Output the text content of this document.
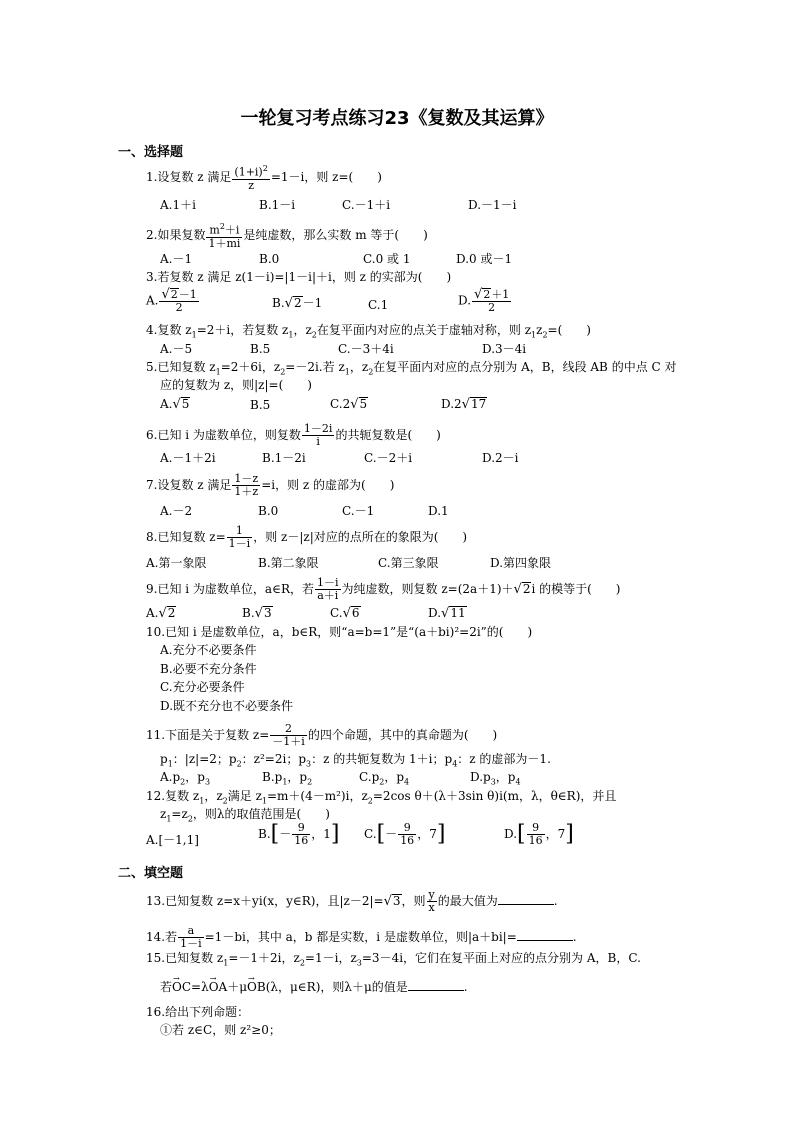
一轮复习考点练习23《复数及其运算》
一、选择题
1.设复数 z 满足 $\frac{(1+i)^2}{z} =1-i$，则 z=(　　)
A.1＋i	B.1－i	C.－1＋i	D.－1－i
2.如果复数 $\frac{m^2+i}{1+mi}$ 是纯虚数，那么实数 m 等于(　　)
A.－1	B.0	C.0 或 1	D.0 或－1
3.若复数 z 满足 z(1－i)=|1－i|＋i，则 z 的实部为(　　)
A. $\frac{√2-1}{2}$	B.√2－1	C.1	D. $\frac{√2+1}{2}$
4.复数 $z_1=2+i$，若复数 $z_1$，$z_2$在复平面内对应的点关于虚轴对称，则 $z_1z_2=$(　　)
A.－5	B.5	C.－3＋4i	D.3－4i
5.已知复数 $z_1=2+6i$，$z_2=-2i$.若 $z_1$，$z_2$在复平面内对应的点分别为 A，B，线段 AB 的中点 C 对
应的复数为 z，则|z|=(　　)
A.√5	B.5	C.2√5	D.2√17
6.已知 i 为虚数单位，则复数 $\frac{1-2i}{i}$ 的共轭复数是(　　)
A.－1＋2i	B.1－2i	C.－2＋i	D.2－i
7.设复数 z 满足 $\frac{1-z}{1+z} =i$，则 z 的虚部为(　　)
A.－2	B.0	C.－1	D.1
8.已知复数 $z= \frac{1}{1-i}$ ，则 z－|z|对应的点所在的象限为(　　)
A.第一象限	B.第二象限	C.第三象限	D.第四象限
9.已知 i 为虚数单位，a∈R，若 $\frac{1-i}{a+i}$ 为纯虚数，则复数 z=(2a＋1)＋√2i 的模等于(　　)
A.√2	B.√3	C.√6	D.√11
10.已知 i 是虚数单位，a，b∈R，则“a=b=1”是“(a＋bi)²=2i”的(　　)
A.充分不必要条件
B.必要不充分条件
C.充分必要条件
D.既不充分也不必要条件
11.下面是关于复数 $z= \frac{2}{-1+i}$ 的四个命题，其中的真命题为(　　)
$p_1$：|z|=2；$p_2$：z²=2i；$p_3$：z 的共轭复数为 1＋i；$p_4$：z 的虚部为－1.
$A.p_2$，$p_3$	$B.p_1$，$p_2$	$C.p_2$，$p_4$	$D.p_3$，$p_4$
12.复数 $z_1$，$z_2$满足 $z_1=m+(4-m^2)i$，$z_2=2\cos$ θ＋(λ＋3sin θ)i(m，λ，θ∈R)，并且
$z_1=z_2$，则λ的取值范围是(　　)
A.[－1,1]	$B.[- \frac{9}{16}$ ，1] $C.[- \frac{9}{16}$ ，7]	$D.[ \frac{9}{16}$ ，7]
二、填空题
13.已知复数 z=x＋yi(x，y∈R)，且|z－2|=√3，则 $\frac{y}{x}$ 的最大值为	.
14.若 $\frac{a}{1-i} =1-bi$，其中 a，b 都是实数，i 是虚数单位，则|a＋bi|=	.
15.已知复数 $z_1=-1+2i$，$z_2=1-i$，$z_3=3-4i$，它们在复平面上对应的点分别为 A，B，C.
若→ OC=λ→ OA＋μ→ OB(λ，μ∈R)，则λ＋μ的值是	.
16.给出下列命题：
①若 z∈C，则 z²≥0；
